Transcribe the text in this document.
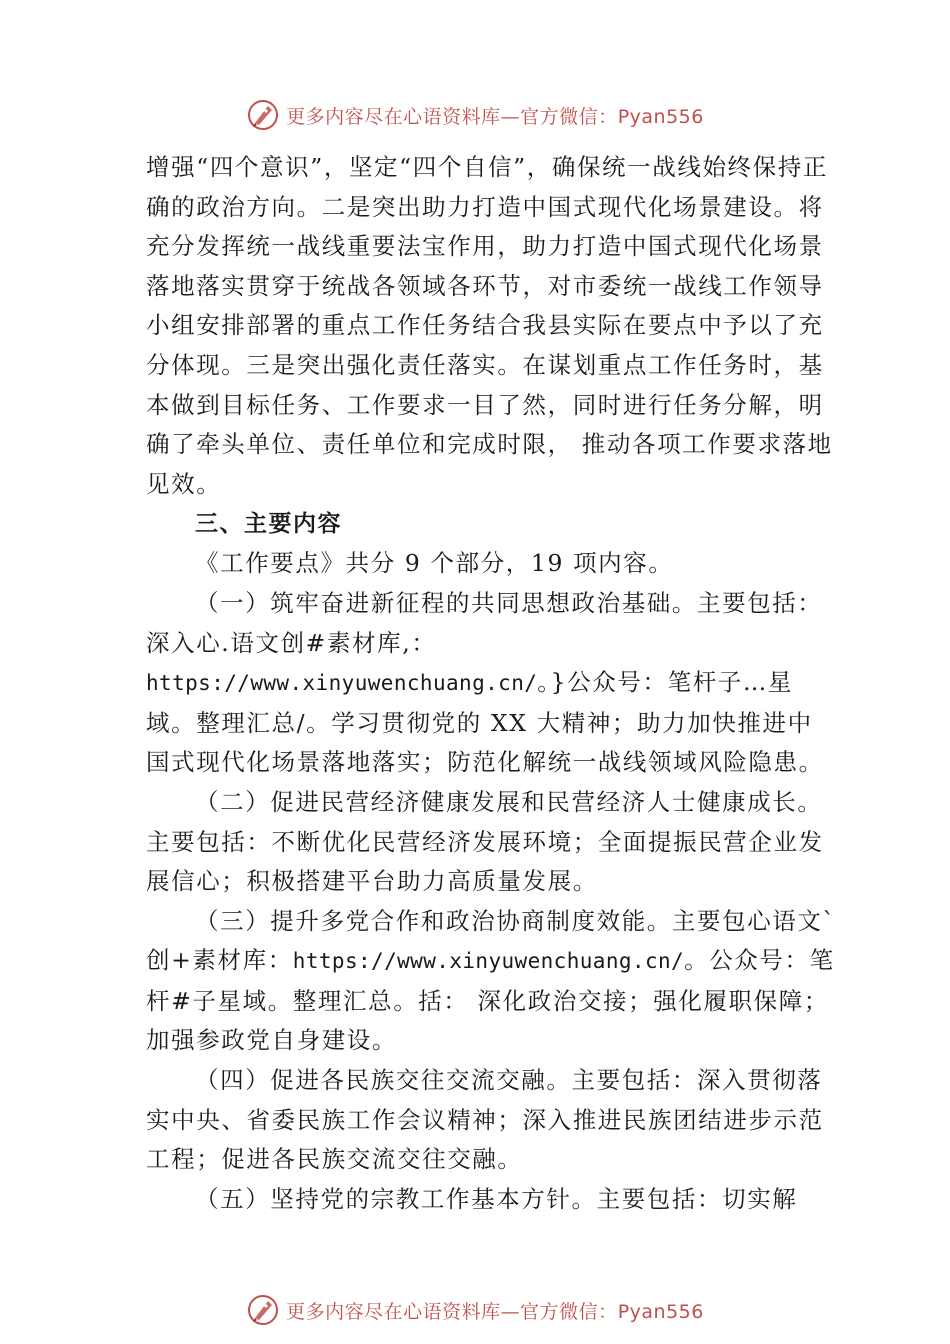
更多内容尽在心语资料库—官方微信：Pyan556

增强“四个意识”，坚定“四个自信”，确保统一战线始终保持正确的政治方向。二是突出助力打造中国式现代化场景建设。将充分发挥统一战线重要法宝作用，助力打造中国式现代化场景落地落实贯穿于统战各领域各环节，对市委统一战线工作领导小组安排部署的重点工作任务结合我县实际在要点中予以了充分体现。三是突出强化责任落实。在谋划重点工作任务时，基本做到目标任务、工作要求一目了然，同时进行任务分解，明确了牵头单位、责任单位和完成时限， 推动各项工作要求落地见效。

三、主要内容

《工作要点》共分 9 个部分，19 项内容。

（一）筑牢奋进新征程的共同思想政治基础。主要包括：深入心.语文创#素材库,：https://www.xinyuwenchuang.cn/。}公众号：笔杆子…星域。整理汇总/。学习贯彻党的 XX 大精神；助力加快推进中国式现代化场景落地落实；防范化解统一战线领域风险隐患。

（二）促进民营经济健康发展和民营经济人士健康成长。主要包括：不断优化民营经济发展环境；全面提振民营企业发展信心；积极搭建平台助力高质量发展。

（三）提升多党合作和政治协商制度效能。主要包心语文`创+素材库：https://www.xinyuwenchuang.cn/。公众号：笔杆#子星域。整理汇总。括： 深化政治交接；强化履职保障；加强参政党自身建设。

（四）促进各民族交往交流交融。主要包括：深入贯彻落实中央、省委民族工作会议精神；深入推进民族团结进步示范工程；促进各民族交流交往交融。

（五）坚持党的宗教工作基本方针。主要包括：切实解

更多内容尽在心语资料库—官方微信：Pyan556
